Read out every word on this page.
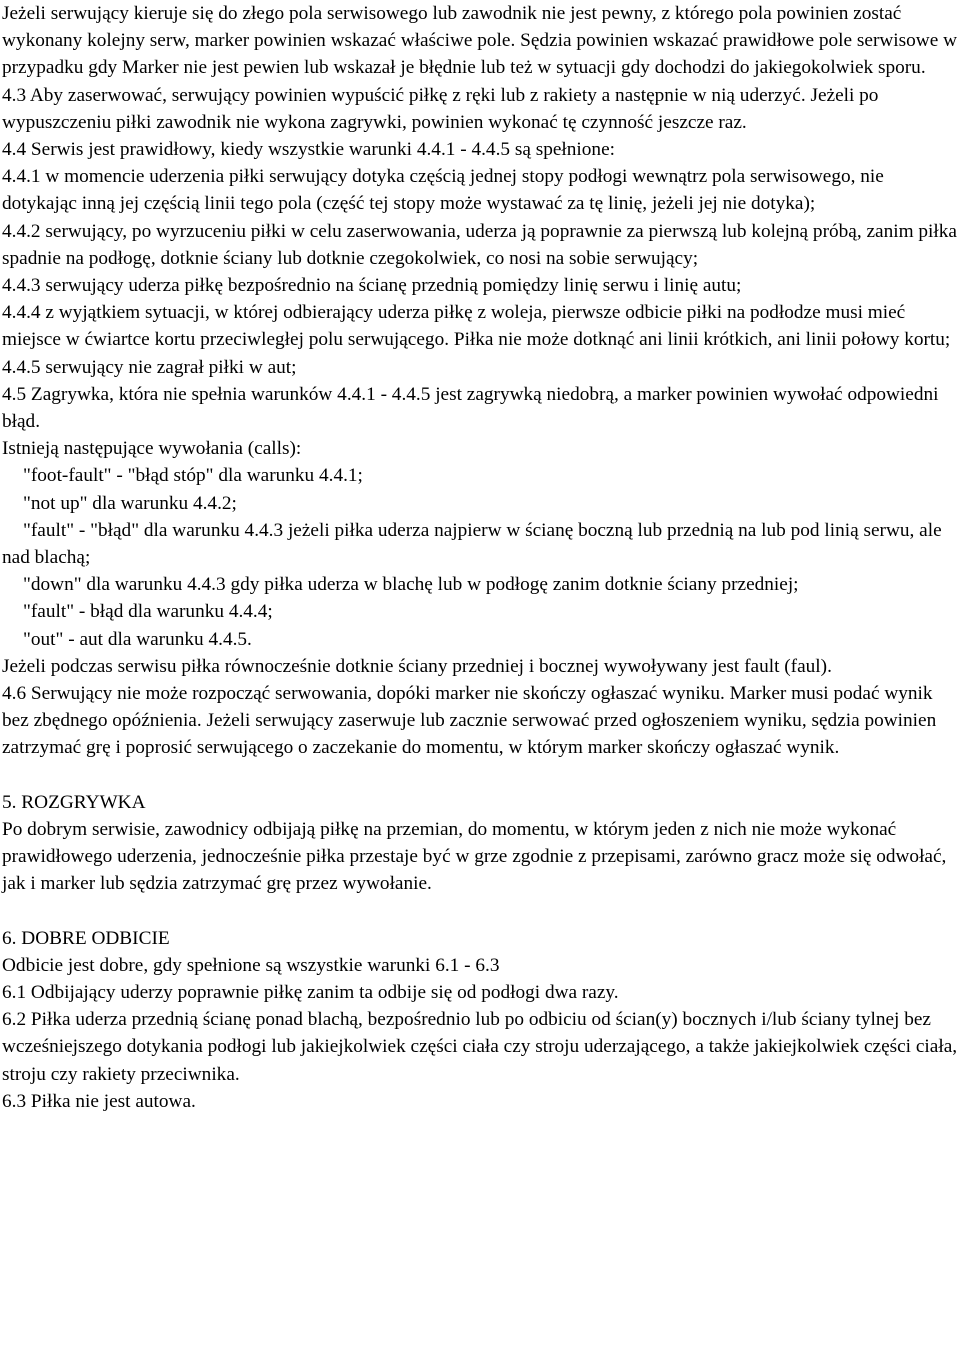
Jeżeli serwujący kieruje się do złego pola serwisowego lub zawodnik nie jest pewny, z którego pola powinien zostać wykonany kolejny serw, marker powinien wskazać właściwe pole. Sędzia powinien wskazać prawidłowe pole serwisowe w przypadku gdy Marker nie jest pewien lub wskazał je błędnie lub też w sytuacji gdy dochodzi do jakiegokolwiek sporu.

4.3 Aby zaserwować, serwujący powinien wypuścić piłkę z ręki lub z rakiety a następnie w nią uderzyć. Jeżeli po wypuszczeniu piłki zawodnik nie wykona zagrywki, powinien wykonać tę czynność jeszcze raz.

4.4 Serwis jest prawidłowy, kiedy wszystkie warunki 4.4.1 - 4.4.5 są spełnione:

4.4.1 w momencie uderzenia piłki serwujący dotyka częścią jednej stopy podłogi wewnątrz pola serwisowego, nie dotykając inną jej częścią linii tego pola (część tej stopy może wystawać za tę linię, jeżeli jej nie dotyka);

4.4.2 serwujący, po wyrzuceniu piłki w celu zaserwowania, uderza ją poprawnie za pierwszą lub kolejną próbą, zanim piłka spadnie na podłogę, dotknie ściany lub dotknie czegokolwiek, co nosi na sobie serwujący;

4.4.3 serwujący uderza piłkę bezpośrednio na ścianę przednią pomiędzy linię serwu i linię autu;

4.4.4 z wyjątkiem sytuacji, w której odbierający uderza piłkę z woleja, pierwsze odbicie piłki na podłodze musi mieć miejsce w ćwiartce kortu przeciwległej polu serwującego. Piłka nie może dotknąć ani linii krótkich, ani linii połowy kortu;

4.4.5 serwujący nie zagrał piłki w aut;

4.5 Zagrywka, która nie spełnia warunków 4.4.1 - 4.4.5 jest zagrywką niedobrą, a marker powinien wywołać odpowiedni błąd.

Istnieją następujące wywołania (calls):

"foot-fault" - "błąd stóp" dla warunku 4.4.1;

"not up" dla warunku 4.4.2;

"fault" - "błąd" dla warunku 4.4.3 jeżeli piłka uderza najpierw w ścianę boczną lub przednią na lub pod linią serwu, ale nad blachą;

"down" dla warunku 4.4.3 gdy piłka uderza w blachę lub w podłogę zanim dotknie ściany przedniej;

"fault" - błąd dla warunku 4.4.4;

"out" - aut dla warunku 4.4.5.

Jeżeli podczas serwisu piłka równocześnie dotknie ściany przedniej i bocznej wywoływany jest fault (faul).

4.6 Serwujący nie może rozpocząć serwowania, dopóki marker nie skończy ogłaszać wyniku. Marker musi podać wynik bez zbędnego opóźnienia. Jeżeli serwujący zaserwuje lub zacznie serwować przed ogłoszeniem wyniku, sędzia powinien zatrzymać grę i poprosić serwującego o zaczekanie do momentu, w którym marker skończy ogłaszać wynik.

5. ROZGRYWKA

Po dobrym serwisie, zawodnicy odbijają piłkę na przemian, do momentu, w którym jeden z nich nie może wykonać prawidłowego uderzenia, jednocześnie piłka przestaje być w grze zgodnie z przepisami, zarówno gracz może się odwołać, jak i marker lub sędzia zatrzymać grę przez wywołanie.

6. DOBRE ODBICIE

Odbicie jest dobre, gdy spełnione są wszystkie warunki 6.1 - 6.3

6.1 Odbijający uderzy poprawnie piłkę zanim ta odbije się od podłogi dwa razy.

6.2 Piłka uderza przednią ścianę ponad blachą, bezpośrednio lub po odbiciu od ścian(y) bocznych i/lub ściany tylnej bez wcześniejszego dotykania podłogi lub jakiejkolwiek części ciała czy stroju uderzającego, a także jakiejkolwiek części ciała, stroju czy rakiety przeciwnika.

6.3 Piłka nie jest autowa.
